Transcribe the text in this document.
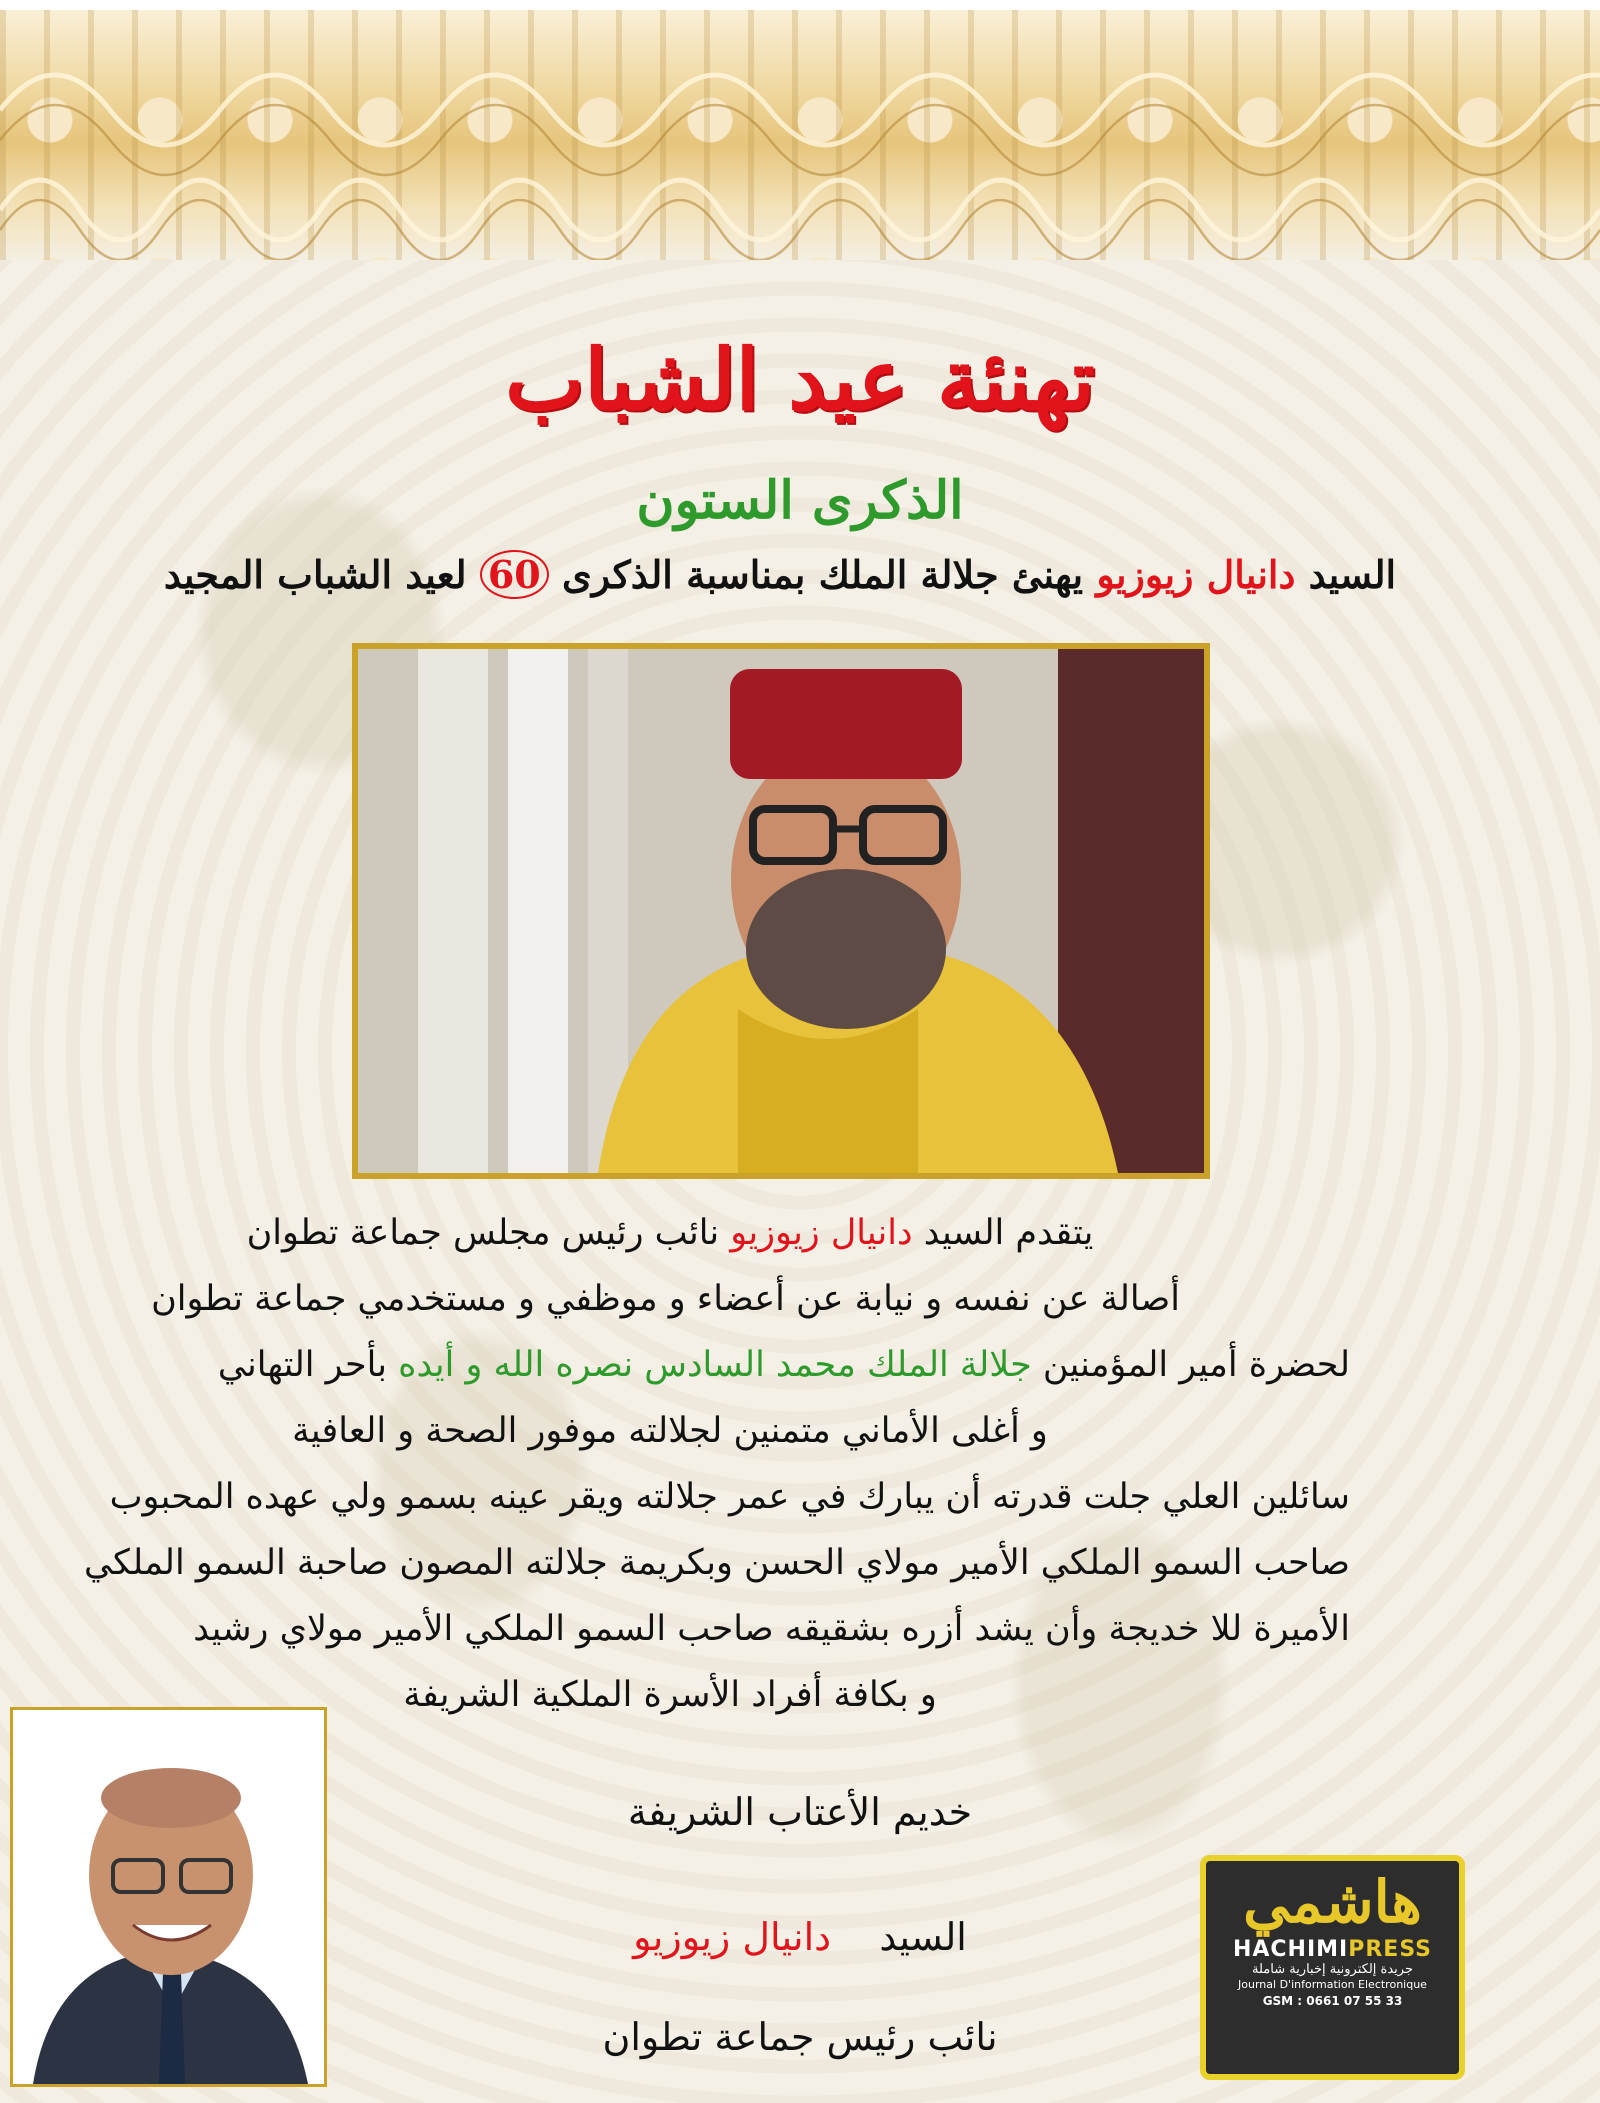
تهنئة عيد الشباب
الذكرى الستون
السيد دانيال زيوزيو يهنئ جلالة الملك بمناسبة الذكرى 60 لعيد الشباب المجيد

يتقدم السيد دانيال زيوزيو نائب رئيس مجلس جماعة تطوان

أصالة عن نفسه و نيابة عن أعضاء و موظفي و مستخدمي جماعة تطوان

لحضرة أمير المؤمنين جلالة الملك محمد السادس نصره الله و أيده بأحر التهاني

و أغلى الأماني متمنين لجلالته موفور الصحة و العافية

سائلين العلي جلت قدرته أن يبارك في عمر جلالته ويقر عينه بسمو ولي عهده المحبوب

صاحب السمو الملكي الأمير مولاي الحسن وبكريمة جلالته المصون صاحبة السمو الملكي

الأميرة للا خديجة وأن يشد أزره بشقيقه صاحب السمو الملكي الأمير مولاي رشيد

و بكافة أفراد الأسرة الملكية الشريفة

خديم الأعتاب الشريفة

السيد    دانيال زيوزيو

نائب رئيس جماعة تطوان

هاشمي
HACHIMIPRESS
جريدة إلكترونية إخبارية شاملة
Journal D'information Electronique
GSM : 0661 07 55 33
